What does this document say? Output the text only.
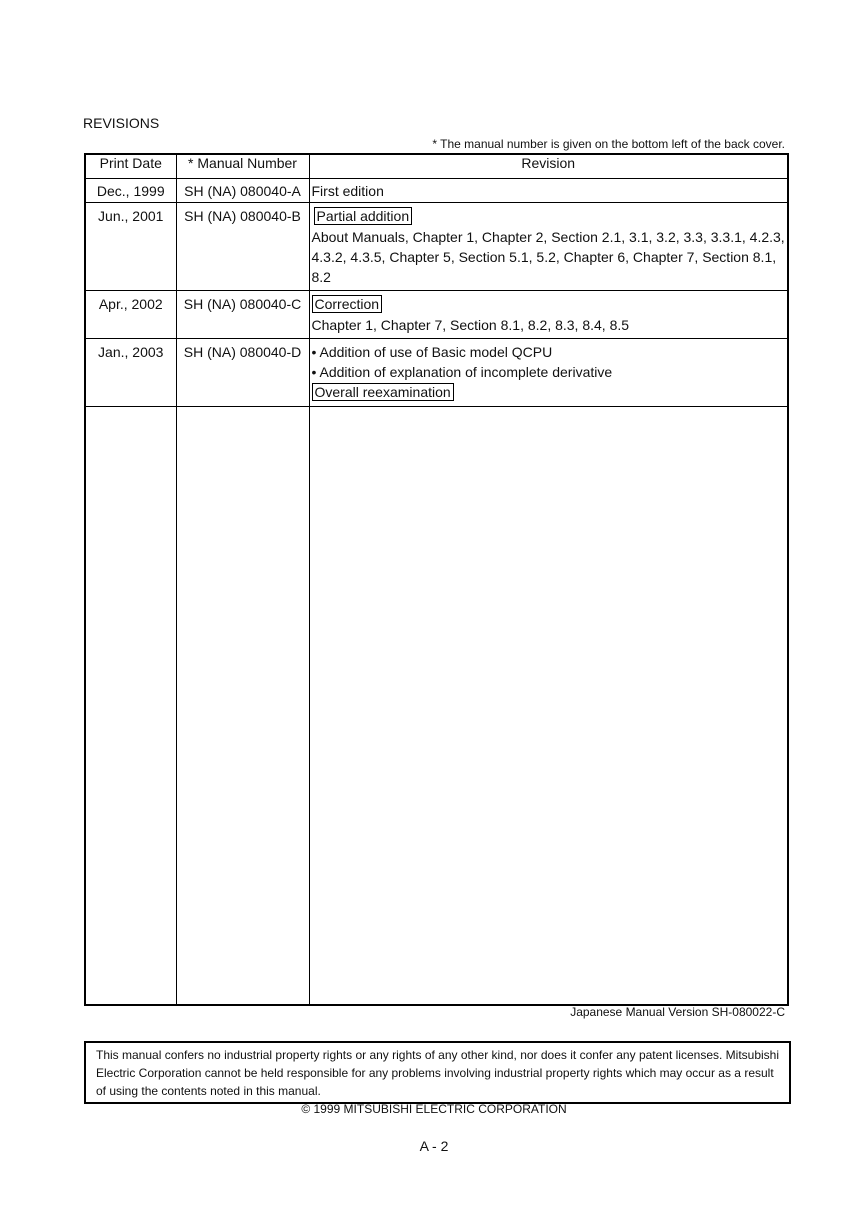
REVISIONS
* The manual number is given on the bottom left of the back cover.
Print Date	* Manual Number	Revision
Dec., 1999	SH (NA) 080040-A	First edition

Jun., 2001	SH (NA) 080040-B	Partial addition
About Manuals, Chapter 1, Chapter 2, Section 2.1, 3.1, 3.2, 3.3, 3.3.1, 4.2.3, 4.3.2, 4.3.5, Chapter 5, Section 5.1, 5.2, Chapter 6, Chapter 7, Section 8.1, 8.2

Apr., 2002	SH (NA) 080040-C	Correction
Chapter 1, Chapter 7, Section 8.1, 8.2, 8.3, 8.4, 8.5

Jan., 2003	SH (NA) 080040-D	• Addition of use of Basic model QCPU
• Addition of explanation of incomplete derivative
Overall reexamination

Japanese Manual Version SH-080022-C
This manual confers no industrial property rights or any rights of any other kind, nor does it confer any patent licenses. Mitsubishi Electric Corporation cannot be held responsible for any problems involving industrial property rights which may occur as a result of using the contents noted in this manual.
© 1999 MITSUBISHI ELECTRIC CORPORATION
A - 2
